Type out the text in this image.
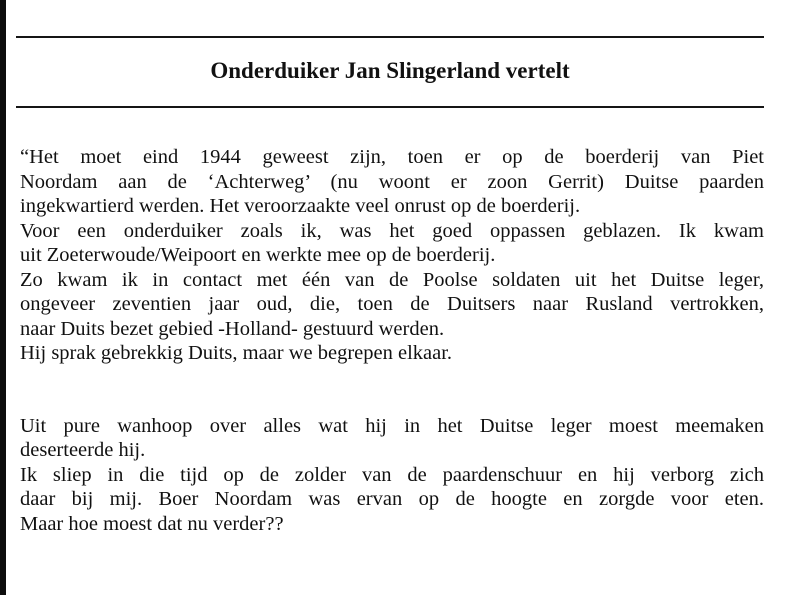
Onderduiker Jan Slingerland vertelt
“Het moet eind 1944 geweest zijn, toen er op de boerderij van Piet
Noordam aan de ‘Achterweg’ (nu woont er zoon Gerrit) Duitse paarden
ingekwartierd werden. Het veroorzaakte veel onrust op de boerderij.
Voor een onderduiker zoals ik, was het goed oppassen geblazen. Ik kwam
uit Zoeterwoude/Weipoort en werkte mee op de boerderij.
Zo kwam ik in contact met één van de Poolse soldaten uit het Duitse leger,
ongeveer zeventien jaar oud, die, toen de Duitsers naar Rusland vertrokken,
naar Duits bezet gebied -Holland- gestuurd werden.
Hij sprak gebrekkig Duits, maar we begrepen elkaar.
Uit pure wanhoop over alles wat hij in het Duitse leger moest meemaken
deserteerde hij.
Ik sliep in die tijd op de zolder van de paardenschuur en hij verborg zich
daar bij mij. Boer Noordam was ervan op de hoogte en zorgde voor eten.
Maar hoe moest dat nu verder??
